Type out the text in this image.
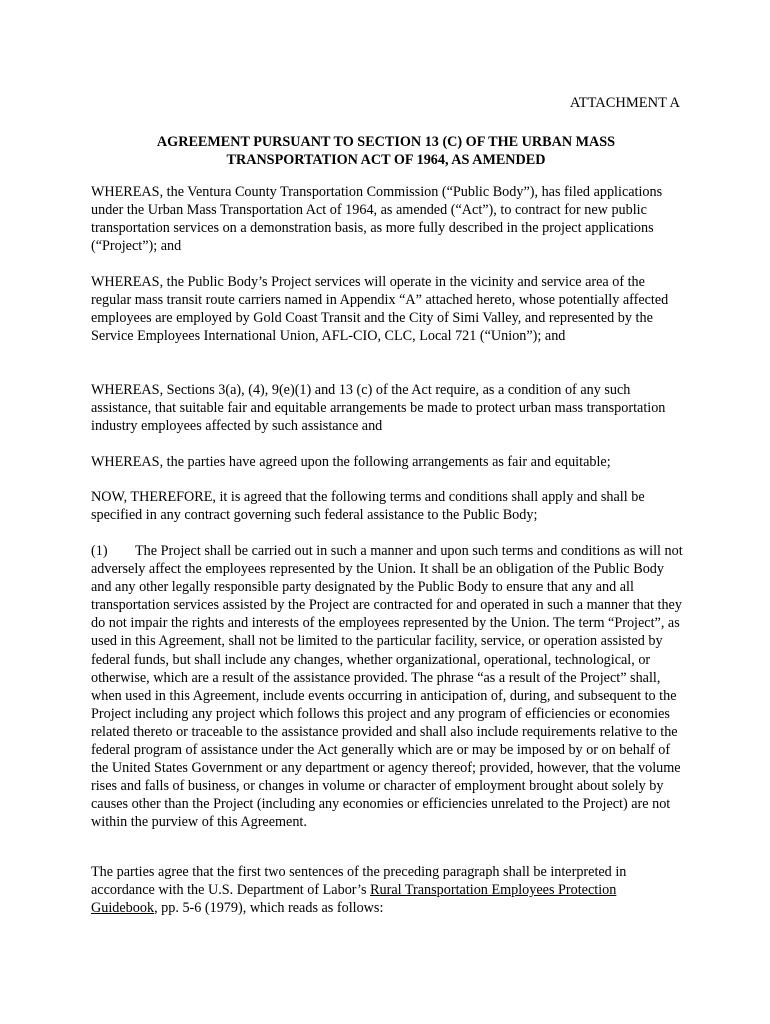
ATTACHMENT A
AGREEMENT PURSUANT TO SECTION 13 (C) OF THE URBAN MASS
TRANSPORTATION ACT OF 1964, AS AMENDED

WHEREAS, the Ventura County Transportation Commission (“Public Body”), has filed applications under the Urban Mass Transportation Act of 1964, as amended (“Act”), to contract for new public transportation services on a demonstration basis, as more fully described in the project applications (“Project”); and

WHEREAS, the Public Body’s Project services will operate in the vicinity and service area of the regular mass transit route carriers named in Appendix “A” attached hereto, whose potentially affected employees are employed by Gold Coast Transit and the City of Simi Valley, and represented by the Service Employees International Union, AFL-CIO, CLC, Local 721 (“Union”); and

WHEREAS, Sections 3(a), (4), 9(e)(1) and 13 (c) of the Act require, as a condition of any such assistance, that suitable fair and equitable arrangements be made to protect urban mass transportation industry employees affected by such assistance and

WHEREAS, the parties have agreed upon the following arrangements as fair and equitable;

NOW, THEREFORE, it is agreed that the following terms and conditions shall apply and shall be specified in any contract governing such federal assistance to the Public Body;

(1) The Project shall be carried out in such a manner and upon such terms and conditions as will not adversely affect the employees represented by the Union. It shall be an obligation of the Public Body and any other legally responsible party designated by the Public Body to ensure that any and all transportation services assisted by the Project are contracted for and operated in such a manner that they do not impair the rights and interests of the employees represented by the Union. The term “Project”, as used in this Agreement, shall not be limited to the particular facility, service, or operation assisted by federal funds, but shall include any changes, whether organizational, operational, technological, or otherwise, which are a result of the assistance provided. The phrase “as a result of the Project” shall, when used in this Agreement, include events occurring in anticipation of, during, and subsequent to the Project including any project which follows this project and any program of efficiencies or economies related thereto or traceable to the assistance provided and shall also include requirements relative to the federal program of assistance under the Act generally which are or may be imposed by or on behalf of the United States Government or any department or agency thereof; provided, however, that the volume rises and falls of business, or changes in volume or character of employment brought about solely by causes other than the Project (including any economies or efficiencies unrelated to the Project) are not within the purview of this Agreement.

The parties agree that the first two sentences of the preceding paragraph shall be interpreted in accordance with the U.S. Department of Labor’s Rural Transportation Employees Protection Guidebook, pp. 5-6 (1979), which reads as follows:
